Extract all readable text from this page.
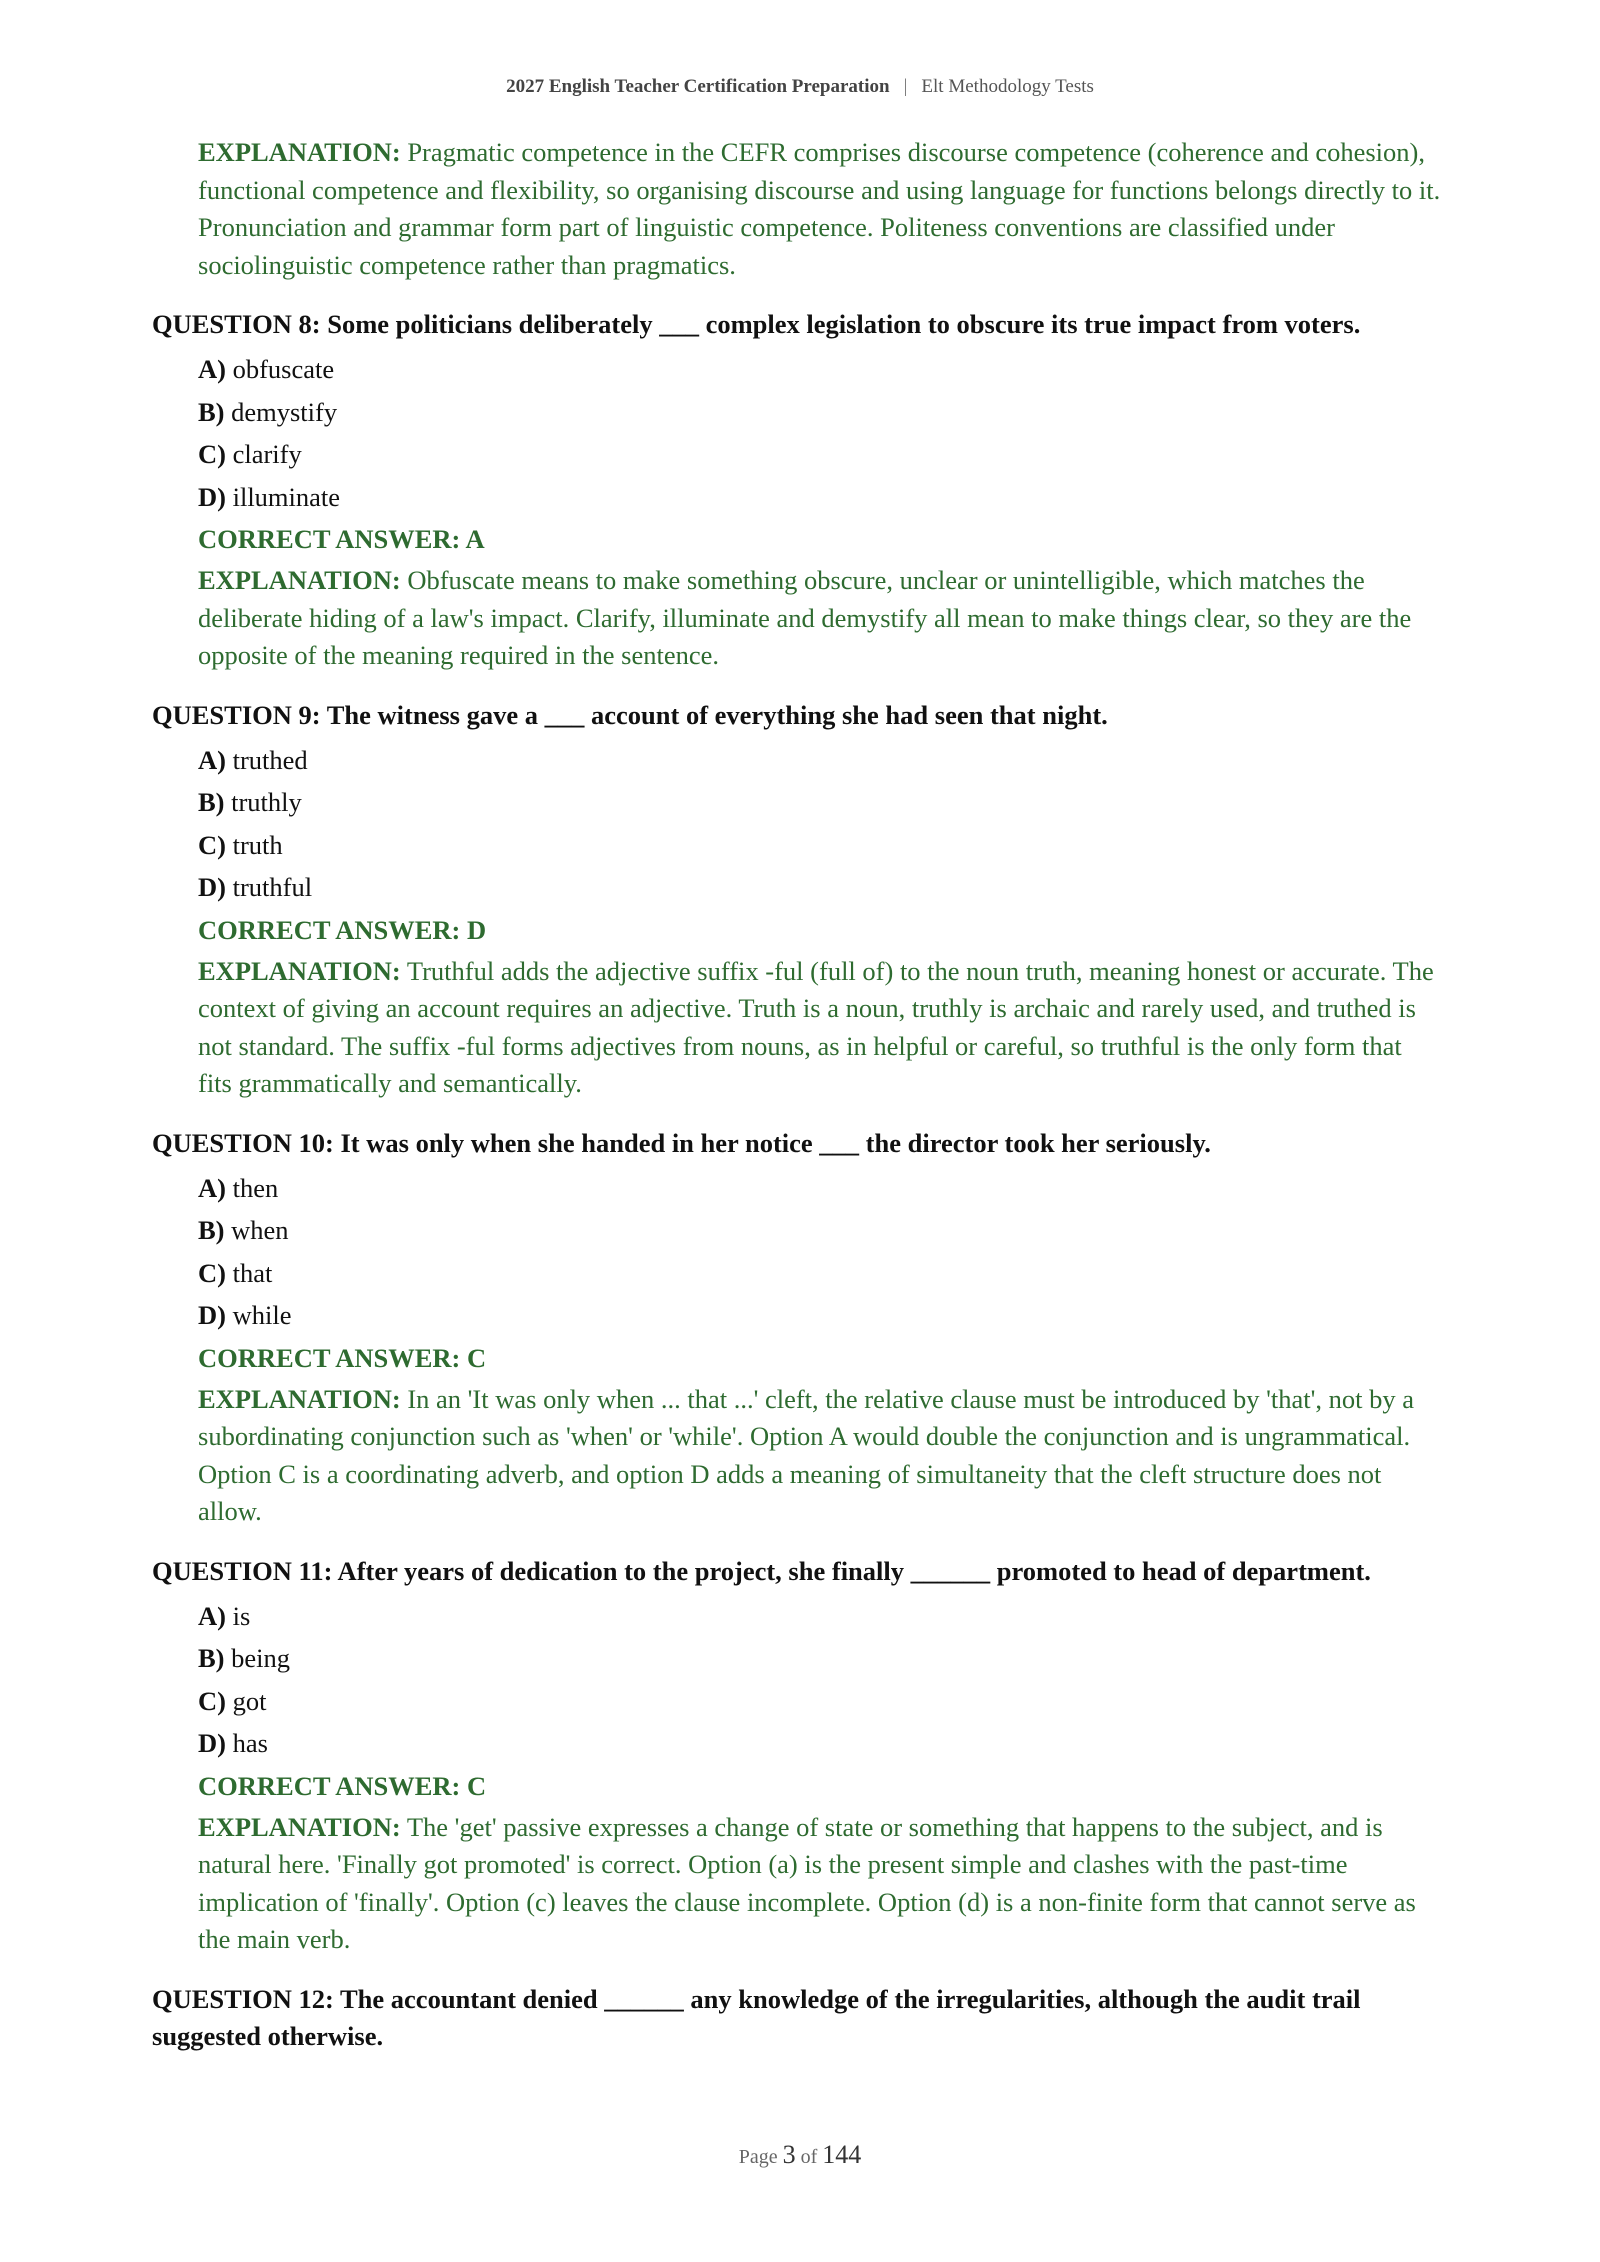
2027 English Teacher Certification Preparation | Elt Methodology Tests
EXPLANATION: Pragmatic competence in the CEFR comprises discourse competence (coherence and cohesion), functional competence and flexibility, so organising discourse and using language for functions belongs directly to it. Pronunciation and grammar form part of linguistic competence. Politeness conventions are classified under sociolinguistic competence rather than pragmatics.
QUESTION 8: Some politicians deliberately ___ complex legislation to obscure its true impact from voters.
A) obfuscate
B) demystify
C) clarify
D) illuminate
CORRECT ANSWER: A
EXPLANATION: Obfuscate means to make something obscure, unclear or unintelligible, which matches the deliberate hiding of a law's impact. Clarify, illuminate and demystify all mean to make things clear, so they are the opposite of the meaning required in the sentence.
QUESTION 9: The witness gave a ___ account of everything she had seen that night.
A) truthed
B) truthly
C) truth
D) truthful
CORRECT ANSWER: D
EXPLANATION: Truthful adds the adjective suffix -ful (full of) to the noun truth, meaning honest or accurate. The context of giving an account requires an adjective. Truth is a noun, truthly is archaic and rarely used, and truthed is not standard. The suffix -ful forms adjectives from nouns, as in helpful or careful, so truthful is the only form that fits grammatically and semantically.
QUESTION 10: It was only when she handed in her notice ___ the director took her seriously.
A) then
B) when
C) that
D) while
CORRECT ANSWER: C
EXPLANATION: In an 'It was only when ... that ...' cleft, the relative clause must be introduced by 'that', not by a subordinating conjunction such as 'when' or 'while'. Option A would double the conjunction and is ungrammatical. Option C is a coordinating adverb, and option D adds a meaning of simultaneity that the cleft structure does not allow.
QUESTION 11: After years of dedication to the project, she finally ______ promoted to head of department.
A) is
B) being
C) got
D) has
CORRECT ANSWER: C
EXPLANATION: The 'get' passive expresses a change of state or something that happens to the subject, and is natural here. 'Finally got promoted' is correct. Option (a) is the present simple and clashes with the past-time implication of 'finally'. Option (c) leaves the clause incomplete. Option (d) is a non-finite form that cannot serve as the main verb.
QUESTION 12: The accountant denied ______ any knowledge of the irregularities, although the audit trail suggested otherwise.
Page 3 of 144
